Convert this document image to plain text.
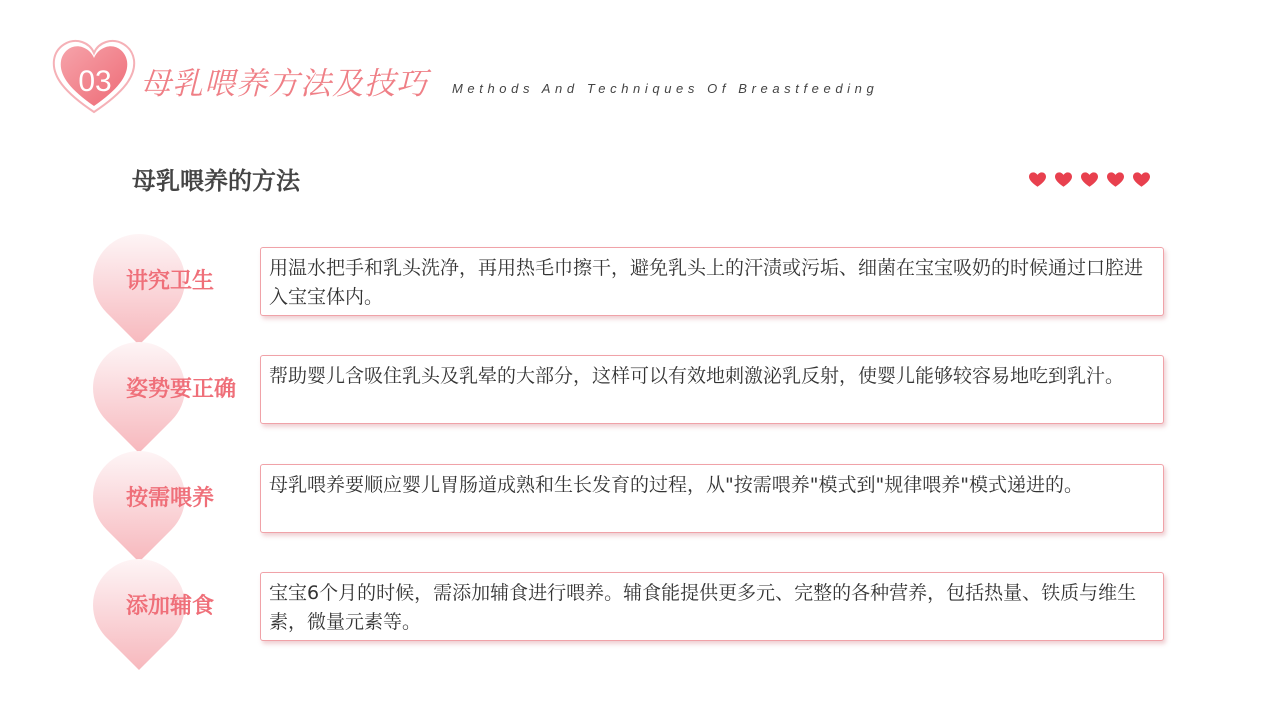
03 母乳喂养方法及技巧 Methods And Techniques Of Breastfeeding
母乳喂养的方法
讲究卫生
用温水把手和乳头洗净，再用热毛巾擦干，避免乳头上的汗渍或污垢、细菌在宝宝吸奶的时候通过口腔进入宝宝体内。
姿势要正确
帮助婴儿含吸住乳头及乳晕的大部分，这样可以有效地刺激泌乳反射，使婴儿能够较容易地吃到乳汁。
按需喂养
母乳喂养要顺应婴儿胃肠道成熟和生长发育的过程，从"按需喂养"模式到"规律喂养"模式递进的。
添加辅食
宝宝6个月的时候，需添加辅食进行喂养。辅食能提供更多元、完整的各种营养，包括热量、铁质与维生素，微量元素等。
